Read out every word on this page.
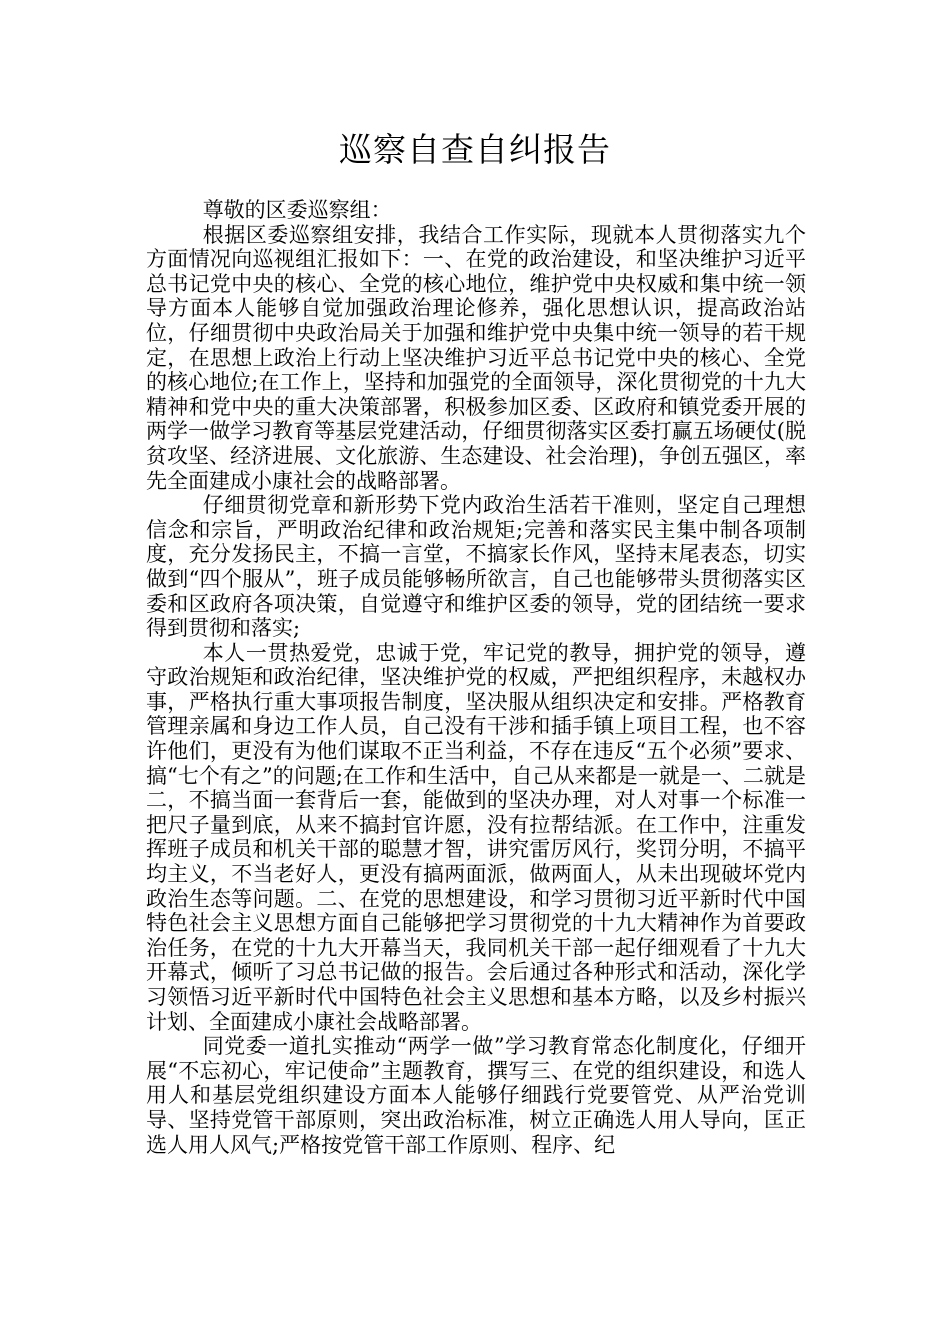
巡察自查自纠报告

尊敬的区委巡察组：

根据区委巡察组安排，我结合工作实际，现就本人贯彻落实九个方面情况向巡视组汇报如下：一、在党的政治建设，和坚决维护习近平总书记党中央的核心、全党的核心地位，维护党中央权威和集中统一领导方面本人能够自觉加强政治理论修养，强化思想认识，提高政治站位，仔细贯彻中央政治局关于加强和维护党中央集中统一领导的若干规定，在思想上政治上行动上坚决维护习近平总书记党中央的核心、全党的核心地位;在工作上，坚持和加强党的全面领导，深化贯彻党的十九大精神和党中央的重大决策部署，积极参加区委、区政府和镇党委开展的两学一做学习教育等基层党建活动，仔细贯彻落实区委打赢五场硬仗(脱贫攻坚、经济进展、文化旅游、生态建设、社会治理)，争创五强区，率先全面建成小康社会的战略部署。

仔细贯彻党章和新形势下党内政治生活若干准则，坚定自己理想信念和宗旨，严明政治纪律和政治规矩;完善和落实民主集中制各项制度，充分发扬民主，不搞一言堂，不搞家长作风，坚持末尾表态，切实做到“四个服从”，班子成员能够畅所欲言，自己也能够带头贯彻落实区委和区政府各项决策，自觉遵守和维护区委的领导，党的团结统一要求得到贯彻和落实;

本人一贯热爱党，忠诚于党，牢记党的教导，拥护党的领导，遵守政治规矩和政治纪律，坚决维护党的权威，严把组织程序，未越权办事，严格执行重大事项报告制度，坚决服从组织决定和安排。严格教育管理亲属和身边工作人员，自己没有干涉和插手镇上项目工程，也不容许他们，更没有为他们谋取不正当利益，不存在违反“五个必须”要求、搞“七个有之”的问题;在工作和生活中，自己从来都是一就是一、二就是二，不搞当面一套背后一套，能做到的坚决办理，对人对事一个标准一把尺子量到底，从来不搞封官许愿，没有拉帮结派。在工作中，注重发挥班子成员和机关干部的聪慧才智，讲究雷厉风行，奖罚分明，不搞平均主义，不当老好人，更没有搞两面派，做两面人，从未出现破坏党内政治生态等问题。二、在党的思想建设，和学习贯彻习近平新时代中国特色社会主义思想方面自己能够把学习贯彻党的十九大精神作为首要政治任务，在党的十九大开幕当天，我同机关干部一起仔细观看了十九大开幕式，倾听了习总书记做的报告。会后通过各种形式和活动，深化学习领悟习近平新时代中国特色社会主义思想和基本方略，以及乡村振兴计划、全面建成小康社会战略部署。

同党委一道扎实推动“两学一做”学习教育常态化制度化，仔细开展“不忘初心，牢记使命”主题教育，撰写三、在党的组织建设，和选人用人和基层党组织建设方面本人能够仔细践行党要管党、从严治党训导、坚持党管干部原则，突出政治标准，树立正确选人用人导向，匡正选人用人风气;严格按党管干部工作原则、程序、纪
